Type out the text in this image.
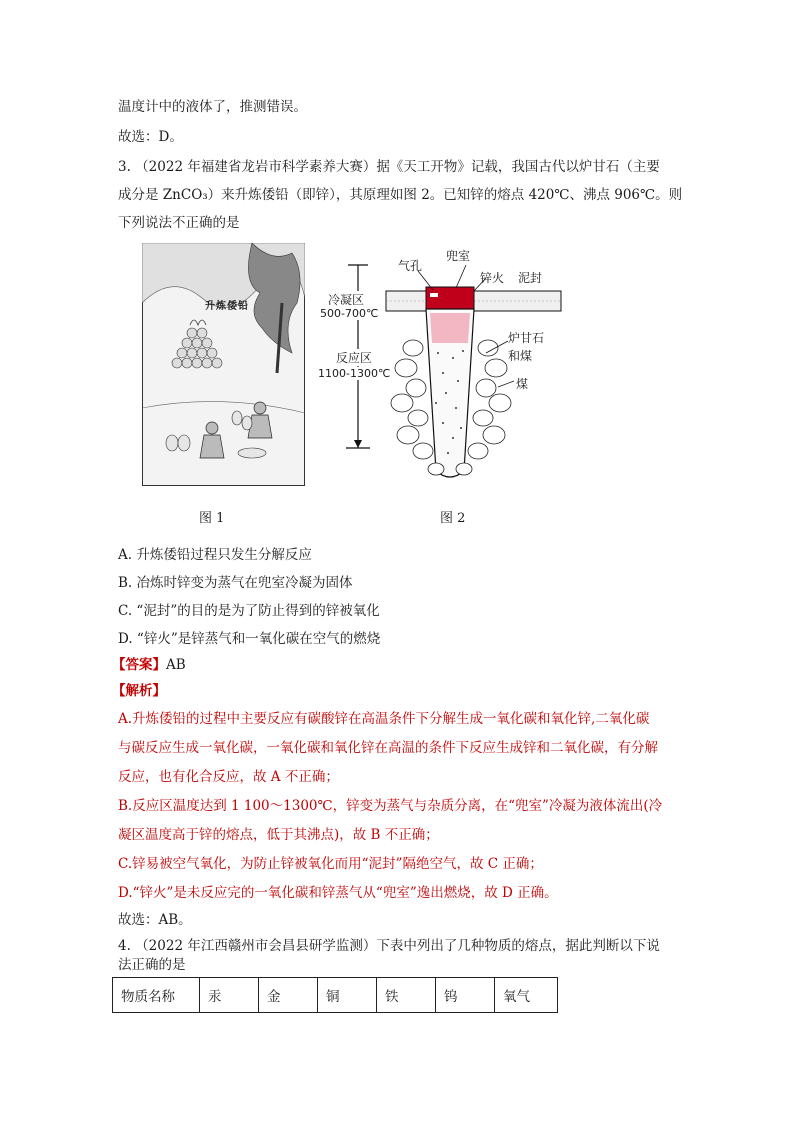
温度计中的液体了，推测错误。
故选：D。
3. （2022 年福建省龙岩市科学素养大赛）据《天工开物》记载，我国古代以炉甘石（主要
成分是 ZnCO₃）来升炼倭铅（即锌），其原理如图 2。已知锌的熔点 420℃、沸点 906℃。则
下列说法不正确的是
升炼倭铅
图 1
气孔
兜室
锌火 泥封
冷凝区
500-700℃
反应区
1100-1300℃
炉甘石
和煤
煤
图 2
A. 升炼倭铅过程只发生分解反应
B. 冶炼时锌变为蒸气在兜室冷凝为固体
C. “泥封”的目的是为了防止得到的锌被氧化
D. “锌火”是锌蒸气和一氧化碳在空气的燃烧
【答案】AB
【解析】
A.升炼倭铅的过程中主要反应有碳酸锌在高温条件下分解生成一氧化碳和氧化锌,二氧化碳
与碳反应生成一氧化碳，一氧化碳和氧化锌在高温的条件下反应生成锌和二氧化碳，有分解
反应，也有化合反应，故 A 不正确；
B.反应区温度达到 1 100～1300℃，锌变为蒸气与杂质分离，在“兜室”冷凝为液体流出(冷
凝区温度高于锌的熔点，低于其沸点)，故 B 不正确；
C.锌易被空气氧化，为防止锌被氧化而用“泥封”隔绝空气，故 C 正确；
D.“锌火”是未反应完的一氧化碳和锌蒸气从“兜室”逸出燃烧，故 D 正确。
故选：AB。
4. （2022 年江西赣州市会昌县研学监测）下表中列出了几种物质的熔点，据此判断以下说
法正确的是
物质名称	汞	金	铜	铁	钨	氧气
